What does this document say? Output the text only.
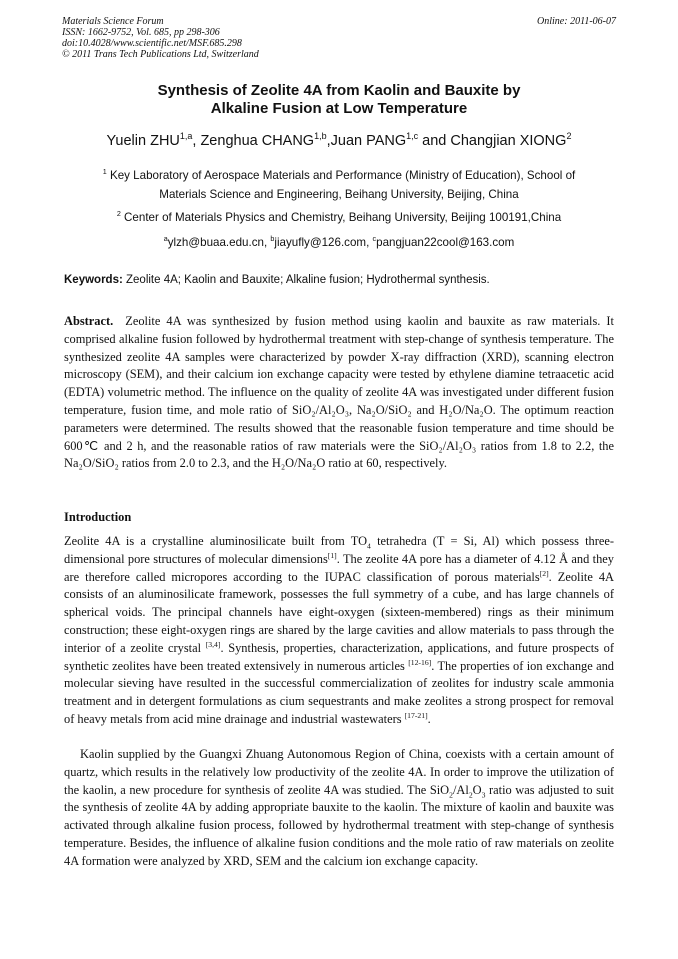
Materials Science Forum
ISSN: 1662-9752, Vol. 685, pp 298-306
doi:10.4028/www.scientific.net/MSF.685.298
© 2011 Trans Tech Publications Ltd, Switzerland
Online: 2011-06-07
Synthesis of Zeolite 4A from Kaolin and Bauxite by
Alkaline Fusion at Low Temperature
Yuelin ZHU$^{1,a}$, Zenghua CHANG$^{1,b}$,Juan PANG$^{1,c}$ and Changjian XIONG$^2$
$^1$ Key Laboratory of Aerospace Materials and Performance (Ministry of Education), School of
Materials Science and Engineering, Beihang University, Beijing, China
$^2$ Center of Materials Physics and Chemistry, Beihang University, Beijing 100191,China
$^a$ylzh@buaa.edu.cn, $^b$jiayufly@126.com, $^c$pangjuan22cool@163.com
Keywords: Zeolite 4A; Kaolin and Bauxite; Alkaline fusion; Hydrothermal synthesis.
Abstract. Zeolite 4A was synthesized by fusion method using kaolin and bauxite as raw materials. It comprised alkaline fusion followed by hydrothermal treatment with step-change of synthesis temperature. The synthesized zeolite 4A samples were characterized by powder X-ray diffraction (XRD), scanning electron microscopy (SEM), and their calcium ion exchange capacity were tested by ethylene diamine tetraacetic acid (EDTA) volumetric method. The influence on the quality of zeolite 4A was investigated under different fusion temperature, fusion time, and mole ratio of SiO₂/Al₂O₃, Na₂O/SiO₂ and H₂O/Na₂O. The optimum reaction parameters were determined. The results showed that the reasonable fusion temperature and time should be 600℃ and 2 h, and the reasonable ratios of raw materials were the SiO₂/Al₂O₃ ratios from 1.8 to 2.2, the Na₂O/SiO₂ ratios from 2.0 to 2.3, and the H₂O/Na₂O ratio at 60, respectively.
Introduction
Zeolite 4A is a crystalline aluminosilicate built from $TO_4$ tetrahedra (T = Si, Al) which possess three-dimensional pore structures of molecular dimensions[1]. The zeolite 4A pore has a diameter of 4.12 Å and they are therefore called micropores according to the IUPAC classification of porous materials[2]. Zeolite 4A consists of an aluminosilicate framework, possesses the full symmetry of a cube, and has large channels of spherical voids. The principal channels have eight-oxygen (sixteen-membered) rings as their minimum construction; these eight-oxygen rings are shared by the large cavities and allow materials to pass through the interior of a zeolite crystal [3,4]. Synthesis, properties, characterization, applications, and future prospects of synthetic zeolites have been treated extensively in numerous articles [12-16]. The properties of ion exchange and molecular sieving have resulted in the successful commercialization of zeolites for industry scale ammonia treatment and in detergent formulations as cium sequestrants and make zeolites a strong prospect for removal of heavy metals from acid mine drainage and industrial wastewaters [17-21].
Kaolin supplied by the Guangxi Zhuang Autonomous Region of China, coexists with a certain amount of quartz, which results in the relatively low productivity of the zeolite 4A. In order to improve the utilization of the kaolin, a new procedure for synthesis of zeolite 4A was studied. The $SiO_2/Al_2O_3$ ratio was adjusted to suit the synthesis of zeolite 4A by adding appropriate bauxite to the kaolin. The mixture of kaolin and bauxite was activated through alkaline fusion process, followed by hydrothermal treatment with step-change of synthesis temperature. Besides, the influence of alkaline fusion conditions and the mole ratio of raw materials on zeolite 4A formation were analyzed by XRD, SEM and the calcium ion exchange capacity.
